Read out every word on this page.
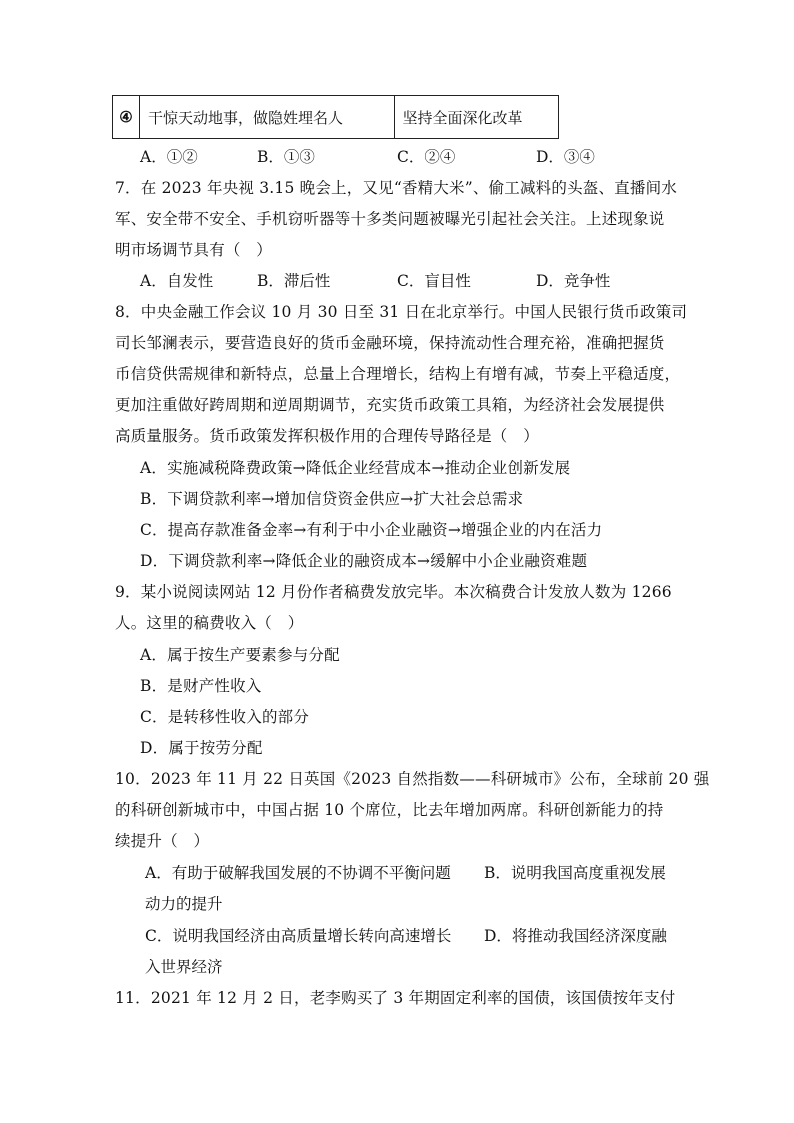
④	干惊天动地事，做隐姓埋名人	坚持全面深化改革
A．①②	B．①③	C．②④	D．③④
7．在 2023 年央视 3.15 晚会上，又见“香精大米”、偷工减料的头盔、直播间水
军、安全带不安全、手机窃听器等十多类问题被曝光引起社会关注。上述现象说
明市场调节具有（　）
A．自发性	B．滞后性	C．盲目性	D．竞争性
8．中央金融工作会议 10 月 30 日至 31 日在北京举行。中国人民银行货币政策司
司长邹澜表示，要营造良好的货币金融环境，保持流动性合理充裕，准确把握货
币信贷供需规律和新特点，总量上合理增长，结构上有增有减，节奏上平稳适度，
更加注重做好跨周期和逆周期调节，充实货币政策工具箱，为经济社会发展提供
高质量服务。货币政策发挥积极作用的合理传导路径是（　）
A．实施减税降费政策→降低企业经营成本→推动企业创新发展
B．下调贷款利率→增加信贷资金供应→扩大社会总需求
C．提高存款准备金率→有利于中小企业融资→增强企业的内在活力
D．下调贷款利率→降低企业的融资成本→缓解中小企业融资难题
9．某小说阅读网站 12 月份作者稿费发放完毕。本次稿费合计发放人数为 1266
人。这里的稿费收入（　）
A．属于按生产要素参与分配
B．是财产性收入
C．是转移性收入的部分
D．属于按劳分配
10．2023 年 11 月 22 日英国《2023 自然指数——科研城市》公布，全球前 20 强
的科研创新城市中，中国占据 10 个席位，比去年增加两席。科研创新能力的持
续提升（　）
A．有助于破解我国发展的不协调不平衡问题 B．说明我国高度重视发展
动力的提升
C．说明我国经济由高质量增长转向高速增长 D．将推动我国经济深度融
入世界经济
11．2021 年 12 月 2 日，老李购买了 3 年期固定利率的国债，该国债按年支付
